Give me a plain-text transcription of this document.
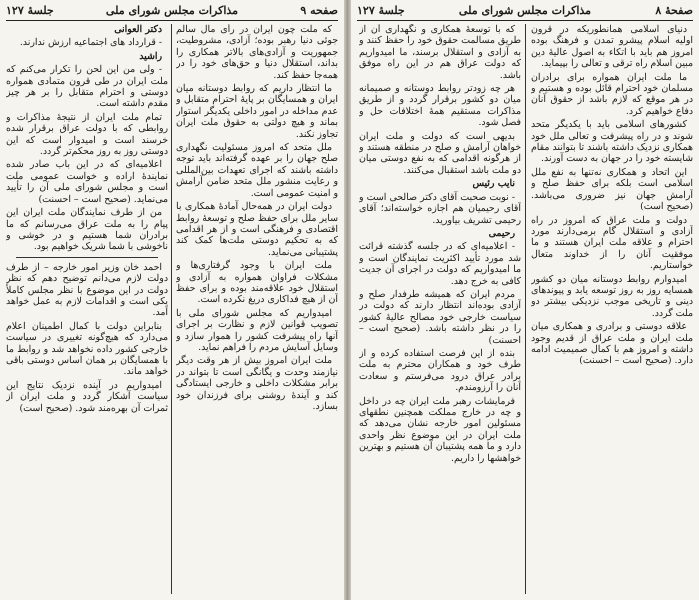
صفحه ۹
مذاکرات مجلس شورای ملی
جلسهٔ ۱۲۷

که ملت چون ایران در رأی مال سالم جوئی دنیا رهبر بوده؛ آزادی، مشروطیت، جمهوریت و آزادی‌های بالاتر همکاری را بداند، استقلال دنیا و حق‌های خود را در همه‌جا حفظ کند.

ما انتظار داریم که روابط دوستانه میان ایران و همسایگان بر پایهٔ احترام متقابل و عدم مداخله در امور داخلی یکدیگر استوار بماند و هیچ دولتی به حقوق ملت ایران تجاوز نکند.

ملل متحد که امروز مسئولیت نگهداری صلح جهان را بر عهده گرفته‌اند باید توجه داشته باشند که اجرای تعهدات بین‌المللی و رعایت منشور ملل متحد ضامن آرامش و امنیت عمومی است.

دولت ایران در همه‌حال آمادهٔ همکاری با سایر ملل برای حفظ صلح و توسعهٔ روابط اقتصادی و فرهنگی است و از هر اقدامی که به تحکیم دوستی ملت‌ها کمک کند پشتیبانی می‌نماید.

ملت ایران با وجود گرفتاری‌ها و مشکلات فراوان همواره به آزادی و استقلال خود علاقه‌مند بوده و برای حفظ آن از هیچ فداکاری دریغ نکرده است.

امیدواریم که مجلس شورای ملی با تصویب قوانین لازم و نظارت بر اجرای آنها راه پیشرفت کشور را هموار سازد و وسایل آسایش مردم را فراهم نماید.

ملت ایران امروز بیش از هر وقت دیگر نیازمند وحدت و یگانگی است تا بتواند در برابر مشکلات داخلی و خارجی ایستادگی کند و آیندهٔ روشنی برای فرزندان خود بسازد.

دکتر العوانی

- قرارداد های اجتماعیه ارزش ندارند.

راشید

- ولی من این لحن را تکرار می‌کنم که ملت ایران در طی قرون متمادی همواره دوستی و احترام متقابل را بر هر چیز مقدم داشته است.

تمام ملت ایران از نتیجهٔ مذاکرات و روابطی که با دولت عراق برقرار شده خرسند است و امیدوار است که این دوستی روز به روز محکم‌تر گردد.

اعلامیه‌ای که در این باب صادر شده نمایندهٔ اراده و خواست عمومی ملت است و مجلس شورای ملی آن را تأیید می‌نماید. (صحیح است – احسنت)

من از طرف نمایندگان ملت ایران این پیام را به ملت عراق می‌رسانم که ما برادران شما هستیم و در خوشی و ناخوشی با شما شریک خواهیم بود.

احمد خان وزیر امور خارجه – از طرف دولت لازم می‌دانم توضیح دهم که نظر دولت در این موضوع با نظر مجلس کاملاً یکی است و اقدامات لازم به عمل خواهد آمد.

بنابراین دولت با کمال اطمینان اعلام می‌دارد که هیچ‌گونه تغییری در سیاست خارجی کشور داده نخواهد شد و روابط ما با همسایگان بر همان اساس دوستی باقی خواهد ماند.

امیدواریم در آینده نزدیک نتایج این سیاست آشکار گردد و ملت ایران از ثمرات آن بهره‌مند شود. (صحیح است)

صفحهٔ ۸
مذاکرات مجلس شورای ملی
جلسهٔ ۱۲۷

دنیای اسلامی همانطوریکه در قرون اولیه اسلام پیشرو تمدن و فرهنگ بوده امروز هم باید با اتکاء به اصول عالیهٔ دین مبین اسلام راه ترقی و تعالی را بپیماید.

ما ملت ایران همواره برای برادران مسلمان خود احترام قائل بوده و هستیم و در هر موقع که لازم باشد از حقوق آنان دفاع خواهیم کرد.

کشورهای اسلامی باید با یکدیگر متحد شوند و در راه پیشرفت و تعالی ملل خود همکاری نزدیک داشته باشند تا بتوانند مقام شایسته خود را در جهان به دست آورند.

این اتحاد و همکاری نه‌تنها به نفع ملل اسلامی است بلکه برای حفظ صلح و آرامش جهان نیز ضروری می‌باشد. (صحیح است)

دولت و ملت عراق که امروز در راه آزادی و استقلال گام برمی‌دارند مورد احترام و علاقه ملت ایران هستند و ما موفقیت آنان را از خداوند متعال خواستاریم.

امیدوارم روابط دوستانه میان دو کشور همسایه روز به روز توسعه یابد و پیوندهای دینی و تاریخی موجب نزدیکی بیشتر دو ملت گردد.

علاقه دوستی و برادری و همکاری میان ملت ایران و ملت عراق از قدیم وجود داشته و امروز هم با کمال صمیمیت ادامه دارد. (صحیح است – احسنت)

که با توسعهٔ همکاری و نگهداری آن از طریق مسالمت حقوق خود را حفظ کنند و به آزادی و استقلال برسند، ما امیدواریم که دولت عراق هم در این راه موفق باشد.

هر چه زودتر روابط دوستانه و صمیمانه میان دو کشور برقرار گردد و از طریق مذاکرات مستقیم همهٔ اختلافات حل و فصل شود.

بدیهی است که دولت و ملت ایران خواهان آرامش و صلح در منطقه هستند و از هرگونه اقدامی که به نفع دوستی میان دو ملت باشد استقبال می‌کنند.

نایب رئیس

- نوبت صحبت آقای دکتر صالحی است و آقای رحیمیان هم اجازه خواسته‌اند؛ آقای رحیمی تشریف بیاورید.

رحیمی

- اعلامیه‌ای که در جلسه گذشته قرائت شد مورد تأیید اکثریت نمایندگان است و ما امیدواریم که دولت در اجرای آن جدیت کافی به خرج دهد.

مردم ایران که همیشه طرفدار صلح و آزادی بوده‌اند انتظار دارند که دولت در سیاست خارجی خود مصالح عالیهٔ کشور را در نظر داشته باشد. (صحیح است – احسنت)

بنده از این فرصت استفاده کرده و از طرف خود و همکاران محترم به ملت برادر عراق درود می‌فرستم و سعادت آنان را آرزومندم.

فرمایشات رهبر ملت ایران چه در داخل و چه در خارج مملکت همچنین نطقهای مسئولین امور خارجه نشان می‌دهد که ملت ایران در این موضوع نظر واحدی دارد و ما همه پشتیبان آن هستیم و بهترین خواهشها را داریم.
